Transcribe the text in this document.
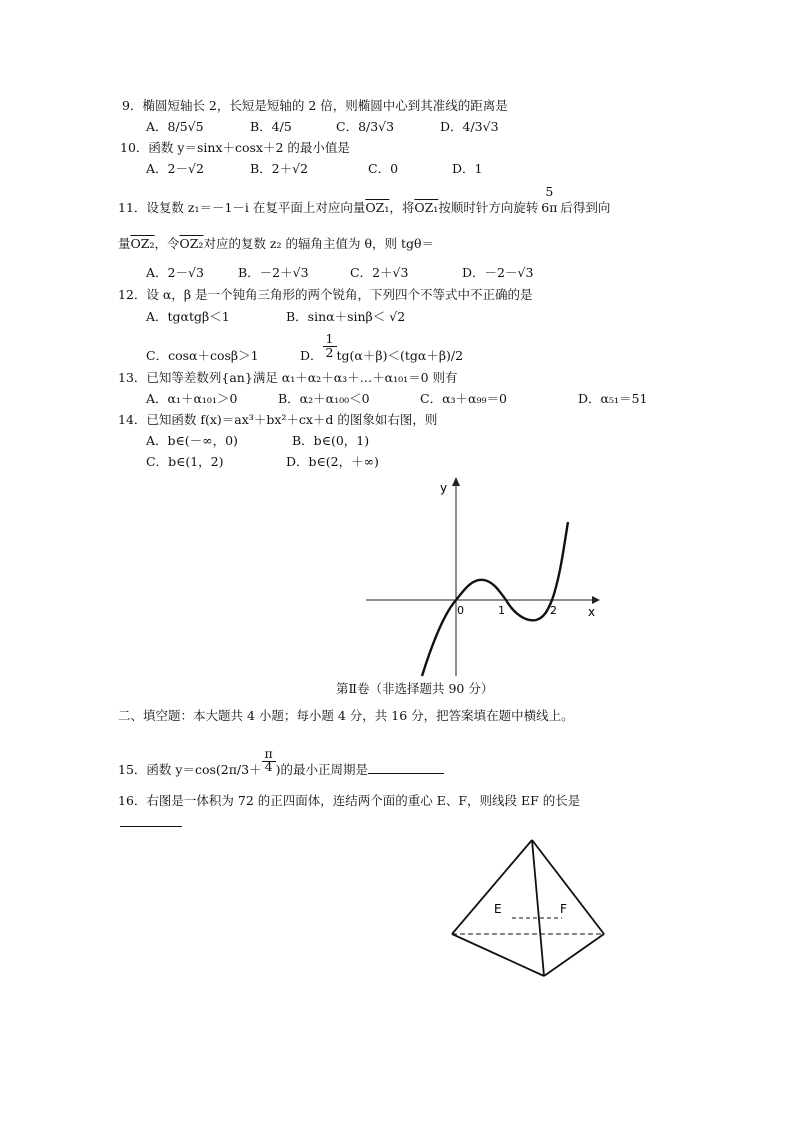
9．椭圆短轴长 2，长短是短轴的 2 倍，则椭圆中心到其准线的距离是
A．8/5√5	B．4/5	C．8/3√3	D．4/3√3
10．函数 y＝sinx＋cosx＋2 的最小值是
A．2－√2	B．2＋√2	C．0	D．1
11．设复数 z₁＝－1－i 在复平面上对应向量OZ₁，将OZ₁按顺时针方向旋转
5
6π 后得到向
量OZ₂，令OZ₂对应的复数 z₂ 的辐角主值为 θ，则 tgθ＝
A．2－√3	B．－2＋√3	C．2＋√3	D．－2－√3
12．设 α，β 是一个钝角三角形的两个锐角，下列四个不等式中不正确的是
A．tgαtgβ＜1	B．sinα＋sinβ＜ √2
C．cosα＋cosβ＞1	D． $\frac{1}{2}tg(\alpha+\beta)<(tg\alpha+\beta)/2$
13．已知等差数列{an}满足 α₁＋α₂＋α₃＋…＋α₁₀₁＝0 则有
A．α₁＋α₁₀₁＞0	B．α₂＋α₁₀₀＜0	C．α₃＋α₉₉＝0	D．α₅₁＝51
14．已知函数 f(x)＝ax³＋bx²＋cx＋d 的图象如右图，则
A．b∈(－∞，0)	B．b∈(0，1)
C．b∈(1，2)	D．b∈(2，＋∞)
y
x
0	1	2
第Ⅱ卷（非选择题共 90 分）
二、填空题：本大题共 4 小题；每小题 4 分，共 16 分，把答案填在题中横线上。
15．函数 $y=\cos(2\pi/3+ \frac{\pi}{4})$的最小正周期是
16．右图是一体积为 72 的正四面体，连结两个面的重心 E、F，则线段 EF 的长是
E	F
